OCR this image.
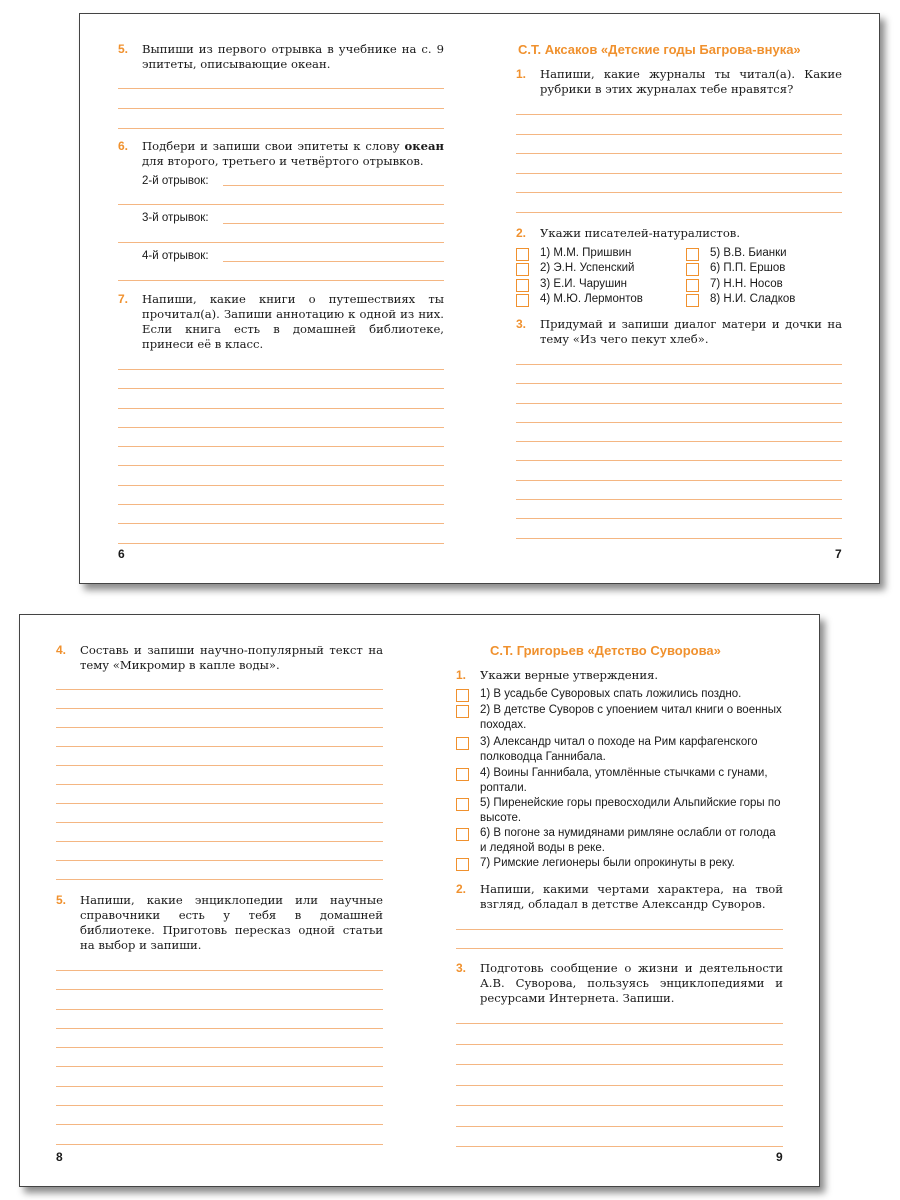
5. Выпиши из первого отрывка в учебнике на с. 9 эпитеты, описывающие океан.
6. Подбери и запиши свои эпитеты к слову океан для второго, третьего и четвёртого отрывков.
2-й отрывок:
3-й отрывок:
4-й отрывок:
7. Напиши, какие книги о путешествиях ты прочитал(а). Запиши аннотацию к одной из них. Если книга есть в домашней библиотеке, принеси её в класс.
6
С.Т. Аксаков «Детские годы Багрова-внука»
1. Напиши, какие журналы ты читал(а). Какие рубрики в этих журналах тебе нравятся?
2. Укажи писателей-натуралистов.
1) М.М. Пришвин
2) Э.Н. Успенский
3) Е.И. Чарушин
4) М.Ю. Лермонтов
5) В.В. Бианки
6) П.П. Ершов
7) Н.Н. Носов
8) Н.И. Сладков
3. Придумай и запиши диалог матери и дочки на тему «Из чего пекут хлеб».
7
4. Составь и запиши научно-популярный текст на тему «Микромир в капле воды».
5. Напиши, какие энциклопедии или научные справочники есть у тебя в домашней библиотеке. Приготовь пересказ одной статьи на выбор и запиши.
8
С.Т. Григорьев «Детство Суворова»
1. Укажи верные утверждения.
1) В усадьбе Суворовых спать ложились поздно.
2) В детстве Суворов с упоением читал книги о военных походах.
3) Александр читал о походе на Рим карфагенского полководца Ганнибала.
4) Воины Ганнибала, утомлённые стычками с гунами, роптали.
5) Пиренейские горы превосходили Альпийские горы по высоте.
6) В погоне за нумидянами римляне ослабли от голода и ледяной воды в реке.
7) Римские легионеры были опрокинуты в реку.
2. Напиши, какими чертами характера, на твой взгляд, обладал в детстве Александр Суворов.
3. Подготовь сообщение о жизни и деятельности А.В. Суворова, пользуясь энциклопедиями и ресурсами Интернета. Запиши.
9
